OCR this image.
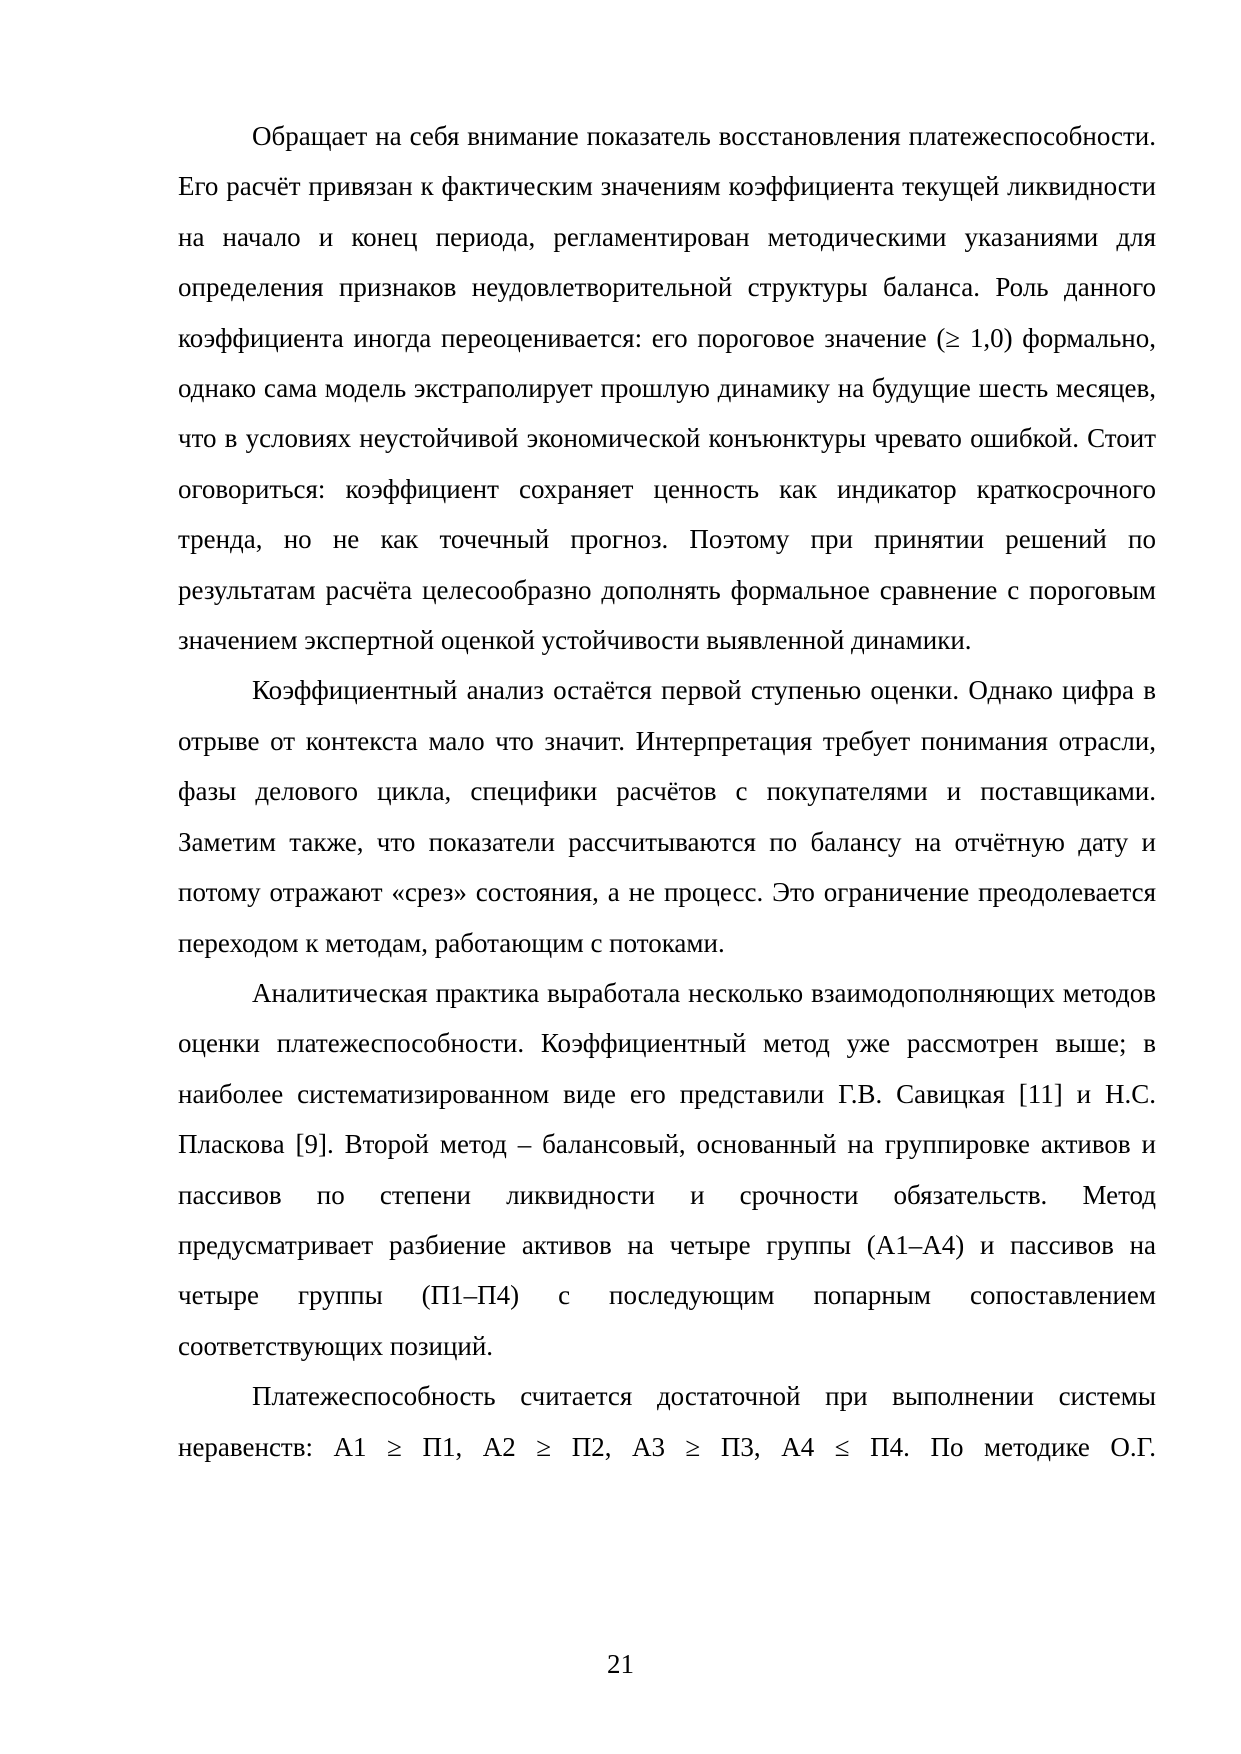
Обращает на себя внимание показатель восстановления платежеспособности. Его расчёт привязан к фактическим значениям коэффициента текущей ликвидности на начало и конец периода, регламентирован методическими указаниями для определения признаков неудовлетворительной структуры баланса. Роль данного коэффициента иногда переоценивается: его пороговое значение (≥ 1,0) формально, однако сама модель экстраполирует прошлую динамику на будущие шесть месяцев, что в условиях неустойчивой экономической конъюнктуры чревато ошибкой. Стоит оговориться: коэффициент сохраняет ценность как индикатор краткосрочного тренда, но не как точечный прогноз. Поэтому при принятии решений по результатам расчёта целесообразно дополнять формальное сравнение с пороговым значением экспертной оценкой устойчивости выявленной динамики.

Коэффициентный анализ остаётся первой ступенью оценки. Однако цифра в отрыве от контекста мало что значит. Интерпретация требует понимания отрасли, фазы делового цикла, специфики расчётов с покупателями и поставщиками. Заметим также, что показатели рассчитываются по балансу на отчётную дату и потому отражают «срез» состояния, а не процесс. Это ограничение преодолевается переходом к методам, работающим с потоками.

Аналитическая практика выработала несколько взаимодополняющих методов оценки платежеспособности. Коэффициентный метод уже рассмотрен выше; в наиболее систематизированном виде его представили Г.В. Савицкая [11] и Н.С. Пласкова [9]. Второй метод – балансовый, основанный на группировке активов и пассивов по степени ликвидности и срочности обязательств. Метод предусматривает разбиение активов на четыре группы (А1–А4) и пассивов на четыре группы (П1–П4) с последующим попарным сопоставлением соответствующих позиций.

Платежеспособность считается достаточной при выполнении системы неравенств: А1 ≥ П1, А2 ≥ П2, А3 ≥ П3, А4 ≤ П4. По методике О.Г.

21
